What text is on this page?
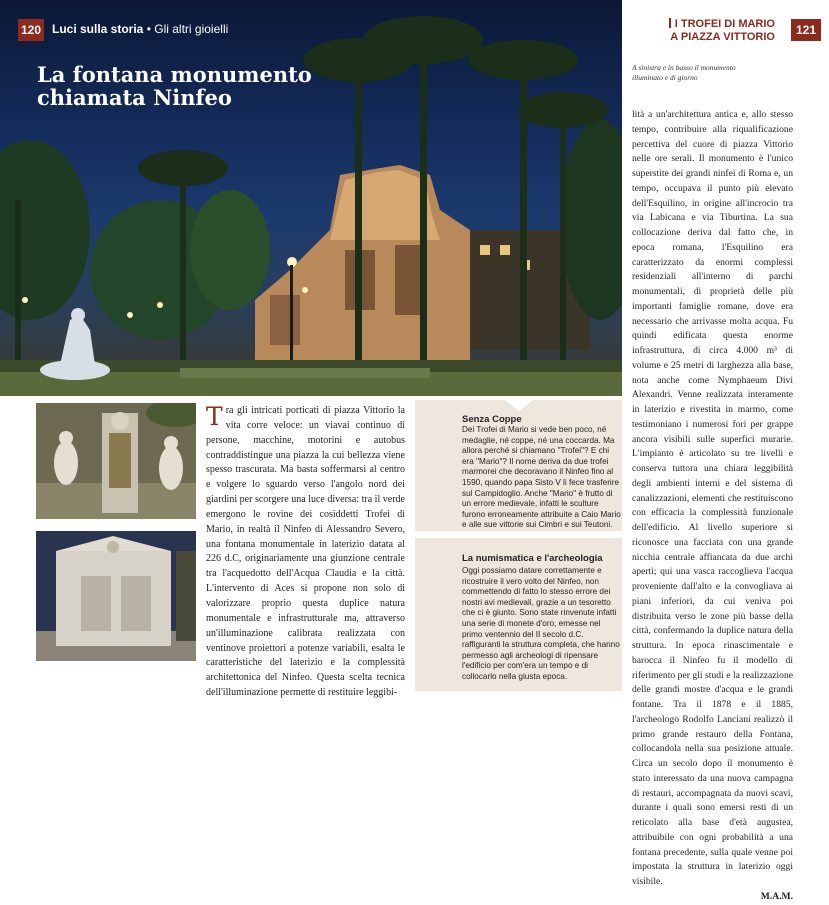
120 Luci sulla storia • Gli altri gioielli	I TROFEI DI MARIO
A PIAZZA VITTORIO	121
La fontana monumento
chiamata Ninfeo
A sinistra e in basso il monumento
illuminato e di giorno

Tra gli intricati porticati di piazza Vittorio la vita corre veloce: un viavai continuo di persone, macchine, motorini e autobus contraddistingue una piazza la cui bellezza viene spesso trascurata. Ma basta soffermarsi al centro e volgere lo sguardo verso l'angolo nord dei giardini per scorgere una luce diversa: tra il verde emergono le rovine dei cosiddetti Trofei di Mario, in realtà il Ninfeo di Alessandro Severo, una fontana monumentale in laterizio datata al 226 d.C, originariamente una giunzione centrale tra l'acquedotto dell'Acqua Claudia e la città. L'intervento di Aces si propone non solo di valorizzare proprio questa duplice natura monumentale e infrastrutturale ma, attraverso un'illuminazione calibrata realizzata con ventinove proiettori a potenze variabili, esalta le caratteristiche del laterizio e la complessità architettonica del Ninfeo. Questa scelta tecnica dell'illuminazione permette di restituire leggibi-

Senza Coppe
Dei Trofei di Mario si vede ben poco, né medaglie, né coppe, né una coccarda. Ma allora perché si chiamano "Trofei"? E chi era "Mario"? Il nome deriva da due trofei marmorei che decoravano il Ninfeo fino al 1590, quando papa Sisto V li fece trasferire sul Campidoglio. Anche "Mario" è frutto di un errore medievale, infatti le sculture furono erroneamente attribuite a Caio Mario e alle sue vittorie sui Cimbri e sui Teutoni.
La numismatica e l'archeologia
Oggi possiamo datare correttamente e ricostruire il vero volto del Ninfeo, non commettendo di fatto lo stesso errore dei nostri avi medievali, grazie a un tesoretto che ci è giunto. Sono state rinvenute infatti una serie di monete d'oro, emesse nel primo ventennio del II secolo d.C. raffiguranti la struttura completa, che hanno permesso agli archeologi di ripensare l'edificio per com'era un tempo e di collocarlo nella giusta epoca.

lità a un'architettura antica e, allo stesso tempo, contribuire alla riqualificazione percettiva del cuore di piazza Vittorio nelle ore serali. Il monumento è l'unico superstite dei grandi ninfei di Roma e, un tempo, occupava il punto più elevato dell'Esquilino, in origine all'incrocio tra via Labicana e via Tiburtina. La sua collocazione deriva dal fatto che, in epoca romana, l'Esquilino era caratterizzato da enormi complessi residenziali all'interno di parchi monumentali, di proprietà delle più importanti famiglie romane, dove era necessario che arrivasse molta acqua. Fu quindi edificata questa enorme infrastruttura, di circa 4.000 m³ di volume e 25 metri di larghezza alla base, nota anche come Nymphaeum Divi Alexandri. Venne realizzata interamente in laterizio e rivestita in marmo, come testimoniano i numerosi fori per grappe ancora visibili sulle superfici murarie. L'impianto è articolato su tre livelli e conserva tuttora una chiara leggibilità degli ambienti interni e del sistema di canalizzazioni, elementi che restituiscono con efficacia la complessità funzionale dell'edificio. Al livello superiore si riconosce una facciata con una grande nicchia centrale affiancata da due archi aperti; qui una vasca raccoglieva l'acqua proveniente dall'alto e la convogliava ai piani inferiori, da cui veniva poi distribuita verso le zone più basse della città, confermando la duplice natura della struttura. In epoca rinascimentale e barocca il Ninfeo fu il modello di riferimento per gli studi e la realizzazione delle grandi mostre d'acqua e le grandi fontane. Tra il 1878 e il 1885, l'archeologo Rodolfo Lanciani realizzò il primo grande restauro della Fontana, collocandola nella sua posizione attuale. Circa un secolo dopo il monumento è stato interessato da una nuova campagna di restauri, accompagnata da nuovi scavi, durante i quali sono emersi resti di un reticolato alla base d'età augustea, attribuibile con ogni probabilità a una fontana precedente, sulla quale venne poi impostata la struttura in laterizio oggi visibile.

M.A.M.
